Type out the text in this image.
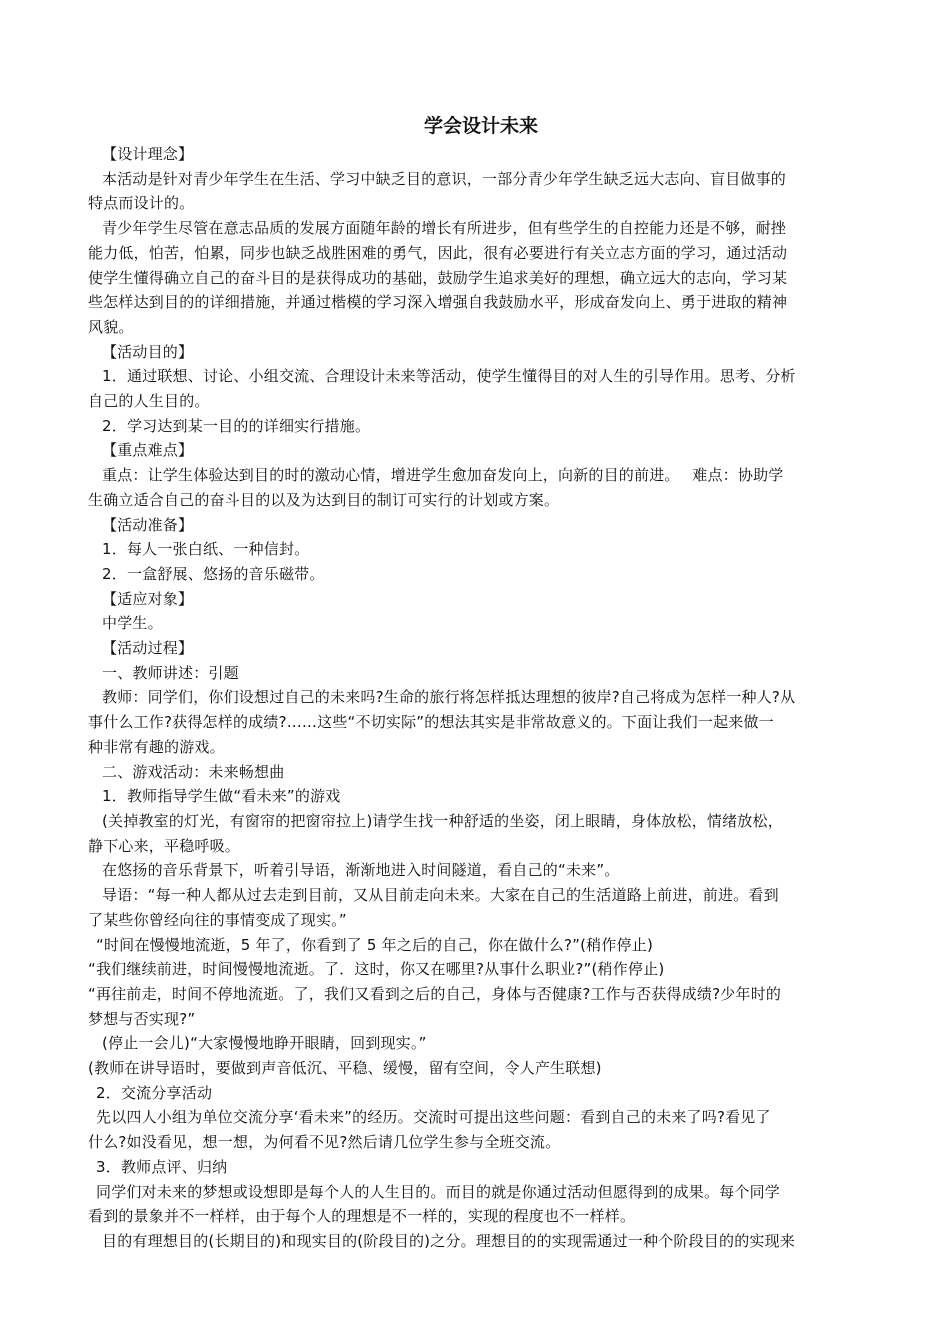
学会设计未来
【设计理念】
本活动是针对青少年学生在生活、学习中缺乏目的意识，一部分青少年学生缺乏远大志向、盲目做事的
特点而设计的。
青少年学生尽管在意志品质的发展方面随年龄的增长有所进步，但有些学生的自控能力还是不够，耐挫
能力低，怕苦，怕累，同步也缺乏战胜困难的勇气，因此，很有必要进行有关立志方面的学习，通过活动
使学生懂得确立自己的奋斗目的是获得成功的基础，鼓励学生追求美好的理想，确立远大的志向，学习某
些怎样达到目的的详细措施，并通过楷模的学习深入增强自我鼓励水平，形成奋发向上、勇于进取的精神
风貌。
【活动目的】
1．通过联想、讨论、小组交流、合理设计未来等活动，使学生懂得目的对人生的引导作用。思考、分析
自己的人生目的。
2．学习达到某一目的的详细实行措施。
【重点难点】
重点：让学生体验达到目的时的激动心情，增进学生愈加奋发向上，向新的目的前进。　 难点：协助学
生确立适合自己的奋斗目的以及为达到目的制订可实行的计划或方案。
【活动准备】
1．每人一张白纸、一种信封。
2．一盒舒展、悠扬的音乐磁带。
【适应对象】
中学生。
【活动过程】
一、教师讲述：引题
教师：同学们，你们设想过自己的未来吗?生命的旅行将怎样抵达理想的彼岸?自己将成为怎样一种人?从
事什么工作?获得怎样的成绩?……这些“不切实际”的想法其实是非常故意义的。下面让我们一起来做一
种非常有趣的游戏。
二、游戏活动：未来畅想曲
1．教师指导学生做“看未来”的游戏
(关掉教室的灯光，有窗帘的把窗帘拉上)请学生找一种舒适的坐姿，闭上眼睛，身体放松，情绪放松，
静下心来，平稳呼吸。
在悠扬的音乐背景下，听着引导语，渐渐地进入时间隧道，看自己的“未来”。
导语：“每一种人都从过去走到目前，又从目前走向未来。大家在自己的生活道路上前进，前进。看到
了某些你曾经向往的事情变成了现实。”
“时间在慢慢地流逝，5 年了，你看到了 5 年之后的自己，你在做什么?”(稍作停止)
“我们继续前进，时间慢慢地流逝。了．这时，你又在哪里?从事什么职业?”(稍作停止)
“再往前走，时间不停地流逝。了，我们又看到之后的自己，身体与否健康?工作与否获得成绩?少年时的
梦想与否实现?”
(停止一会儿)“大家慢慢地睁开眼睛，回到现实。”
(教师在讲导语时，要做到声音低沉、平稳、缓慢，留有空间，令人产生联想)
2．交流分享活动
先以四人小组为单位交流分享‘看未来”的经历。交流时可提出这些问题：看到自己的未来了吗?看见了
什么?如没看见，想一想，为何看不见?然后请几位学生参与全班交流。
3．教师点评、归纳
同学们对未来的梦想或设想即是每个人的人生目的。而目的就是你通过活动但愿得到的成果。每个同学
看到的景象并不一样样，由于每个人的理想是不一样的，实现的程度也不一样样。
目的有理想目的(长期目的)和现实目的(阶段目的)之分。理想目的的实现需通过一种个阶段目的的实现来
